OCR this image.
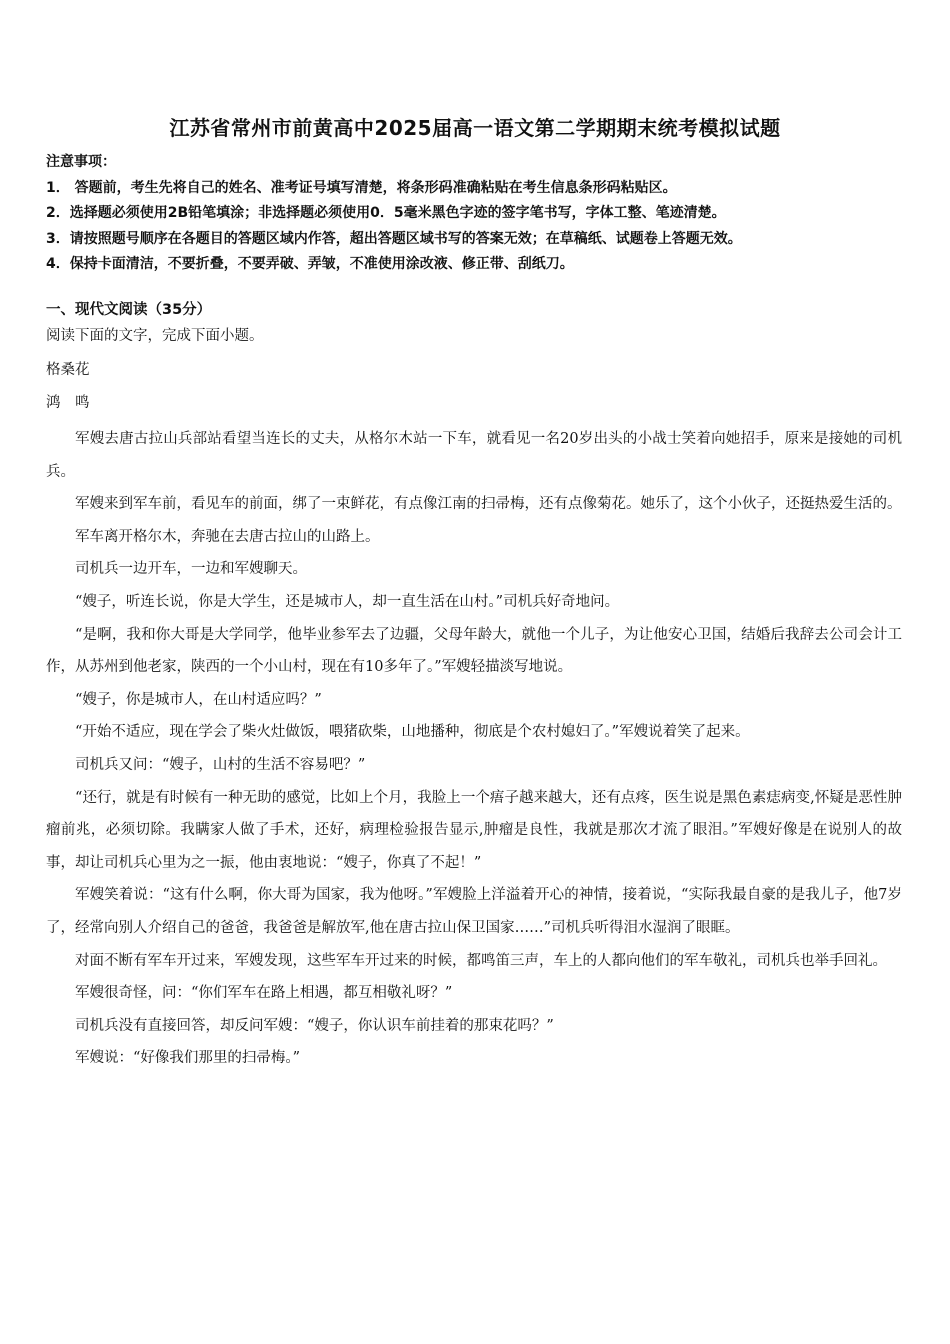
江苏省常州市前黄高中2025届高一语文第二学期期末统考模拟试题
注意事项：
1． 答题前，考生先将自己的姓名、准考证号填写清楚，将条形码准确粘贴在考生信息条形码粘贴区。
2．选择题必须使用2B铅笔填涂；非选择题必须使用0．5毫米黑色字迹的签字笔书写，字体工整、笔迹清楚。
3．请按照题号顺序在各题目的答题区域内作答，超出答题区域书写的答案无效；在草稿纸、试题卷上答题无效。
4．保持卡面清洁，不要折叠，不要弄破、弄皱，不准使用涂改液、修正带、刮纸刀。
一、现代文阅读（35分）
阅读下面的文字，完成下面小题。
格桑花
鸿　鸣

军嫂去唐古拉山兵部站看望当连长的丈夫，从格尔木站一下车，就看见一名20岁出头的小战士笑着向她招手，原来是接她的司机兵。

军嫂来到军车前，看见车的前面，绑了一束鲜花，有点像江南的扫帚梅，还有点像菊花。她乐了，这个小伙子，还挺热爱生活的。

军车离开格尔木，奔驰在去唐古拉山的山路上。

司机兵一边开车，一边和军嫂聊天。

“嫂子，听连长说，你是大学生，还是城市人，却一直生活在山村。”司机兵好奇地问。

“是啊，我和你大哥是大学同学，他毕业参军去了边疆，父母年龄大，就他一个儿子，为让他安心卫国，结婚后我辞去公司会计工作，从苏州到他老家，陕西的一个小山村，现在有10多年了。”军嫂轻描淡写地说。

“嫂子，你是城市人，在山村适应吗？”

“开始不适应，现在学会了柴火灶做饭，喂猪砍柴，山地播种，彻底是个农村媳妇了。”军嫂说着笑了起来。

司机兵又问：“嫂子，山村的生活不容易吧？”

“还行，就是有时候有一种无助的感觉，比如上个月，我脸上一个痦子越来越大，还有点疼，医生说是黑色素痣病变,怀疑是恶性肿瘤前兆，必须切除。我瞒家人做了手术，还好，病理检验报告显示,肿瘤是良性，我就是那次才流了眼泪。”军嫂好像是在说别人的故事，却让司机兵心里为之一振，他由衷地说：“嫂子，你真了不起！”

军嫂笑着说：“这有什么啊，你大哥为国家，我为他呀。”军嫂脸上洋溢着开心的神情，接着说，“实际我最自豪的是我儿子，他7岁了，经常向别人介绍自己的爸爸，我爸爸是解放军,他在唐古拉山保卫国家……”司机兵听得泪水湿润了眼眶。

对面不断有军车开过来，军嫂发现，这些军车开过来的时候，都鸣笛三声，车上的人都向他们的军车敬礼，司机兵也举手回礼。

军嫂很奇怪，问：“你们军车在路上相遇，都互相敬礼呀？”

司机兵没有直接回答，却反问军嫂：“嫂子，你认识车前挂着的那束花吗？”

军嫂说：“好像我们那里的扫帚梅。”
